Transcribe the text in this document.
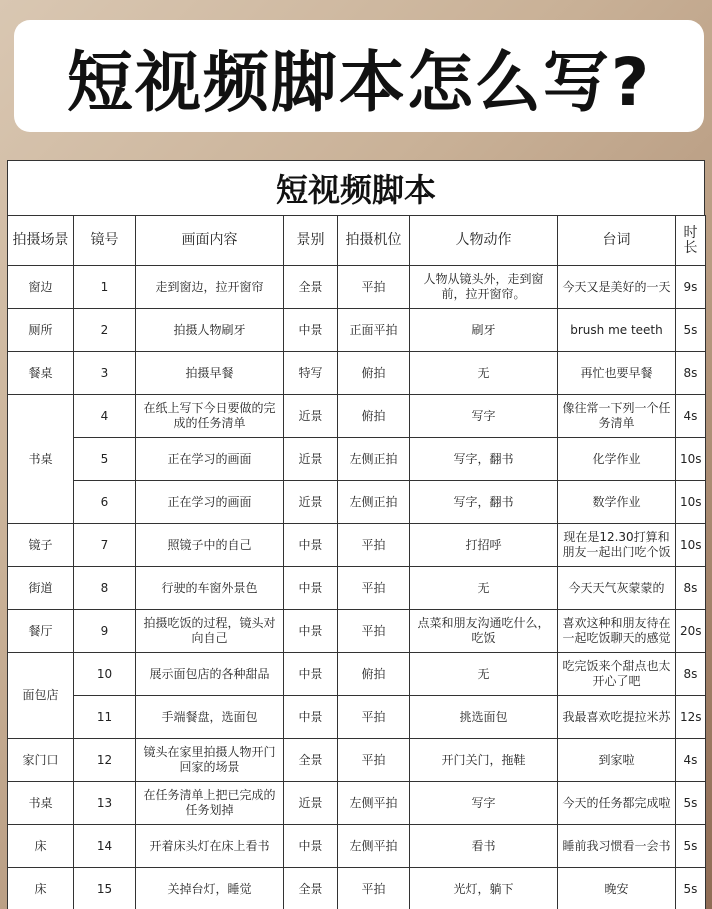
短视频脚本怎么写?
短视频脚本
拍摄场景	镜号	画面内容	景别	拍摄机位	人物动作	台词	时长
窗边	1	走到窗边，拉开窗帘	全景	平拍	人物从镜头外，走到窗前，拉开窗帘。	今天又是美好的一天	9s
厕所	2	拍摄人物刷牙	中景	正面平拍	刷牙	brush me teeth	5s
餐桌	3	拍摄早餐	特写	俯拍	无	再忙也要早餐	8s
书桌	4	在纸上写下今日要做的完成的任务清单	近景	俯拍	写字	像往常一下列一个任务清单	4s
	5	正在学习的画面	近景	左侧正拍	写字，翻书	化学作业	10s
	6	正在学习的画面	近景	左侧正拍	写字，翻书	数学作业	10s
镜子	7	照镜子中的自己	中景	平拍	打招呼	现在是12.30打算和朋友一起出门吃个饭	10s
街道	8	行驶的车窗外景色	中景	平拍	无	今天天气灰蒙蒙的	8s
餐厅	9	拍摄吃饭的过程，镜头对向自己	中景	平拍	点菜和朋友沟通吃什么，吃饭	喜欢这种和朋友待在一起吃饭聊天的感觉	20s
面包店	10	展示面包店的各种甜品	中景	俯拍	无	吃完饭来个甜点也太开心了吧	8s
	11	手端餐盘，选面包	中景	平拍	挑选面包	我最喜欢吃提拉米苏	12s
家门口	12	镜头在家里拍摄人物开门回家的场景	全景	平拍	开门关门，拖鞋	到家啦	4s
书桌	13	在任务清单上把已完成的任务划掉	近景	左侧平拍	写字	今天的任务都完成啦	5s
床	14	开着床头灯在床上看书	中景	左侧平拍	看书	睡前我习惯看一会书	5s
床	15	关掉台灯，睡觉	全景	平拍	光灯，躺下	晚安	5s
